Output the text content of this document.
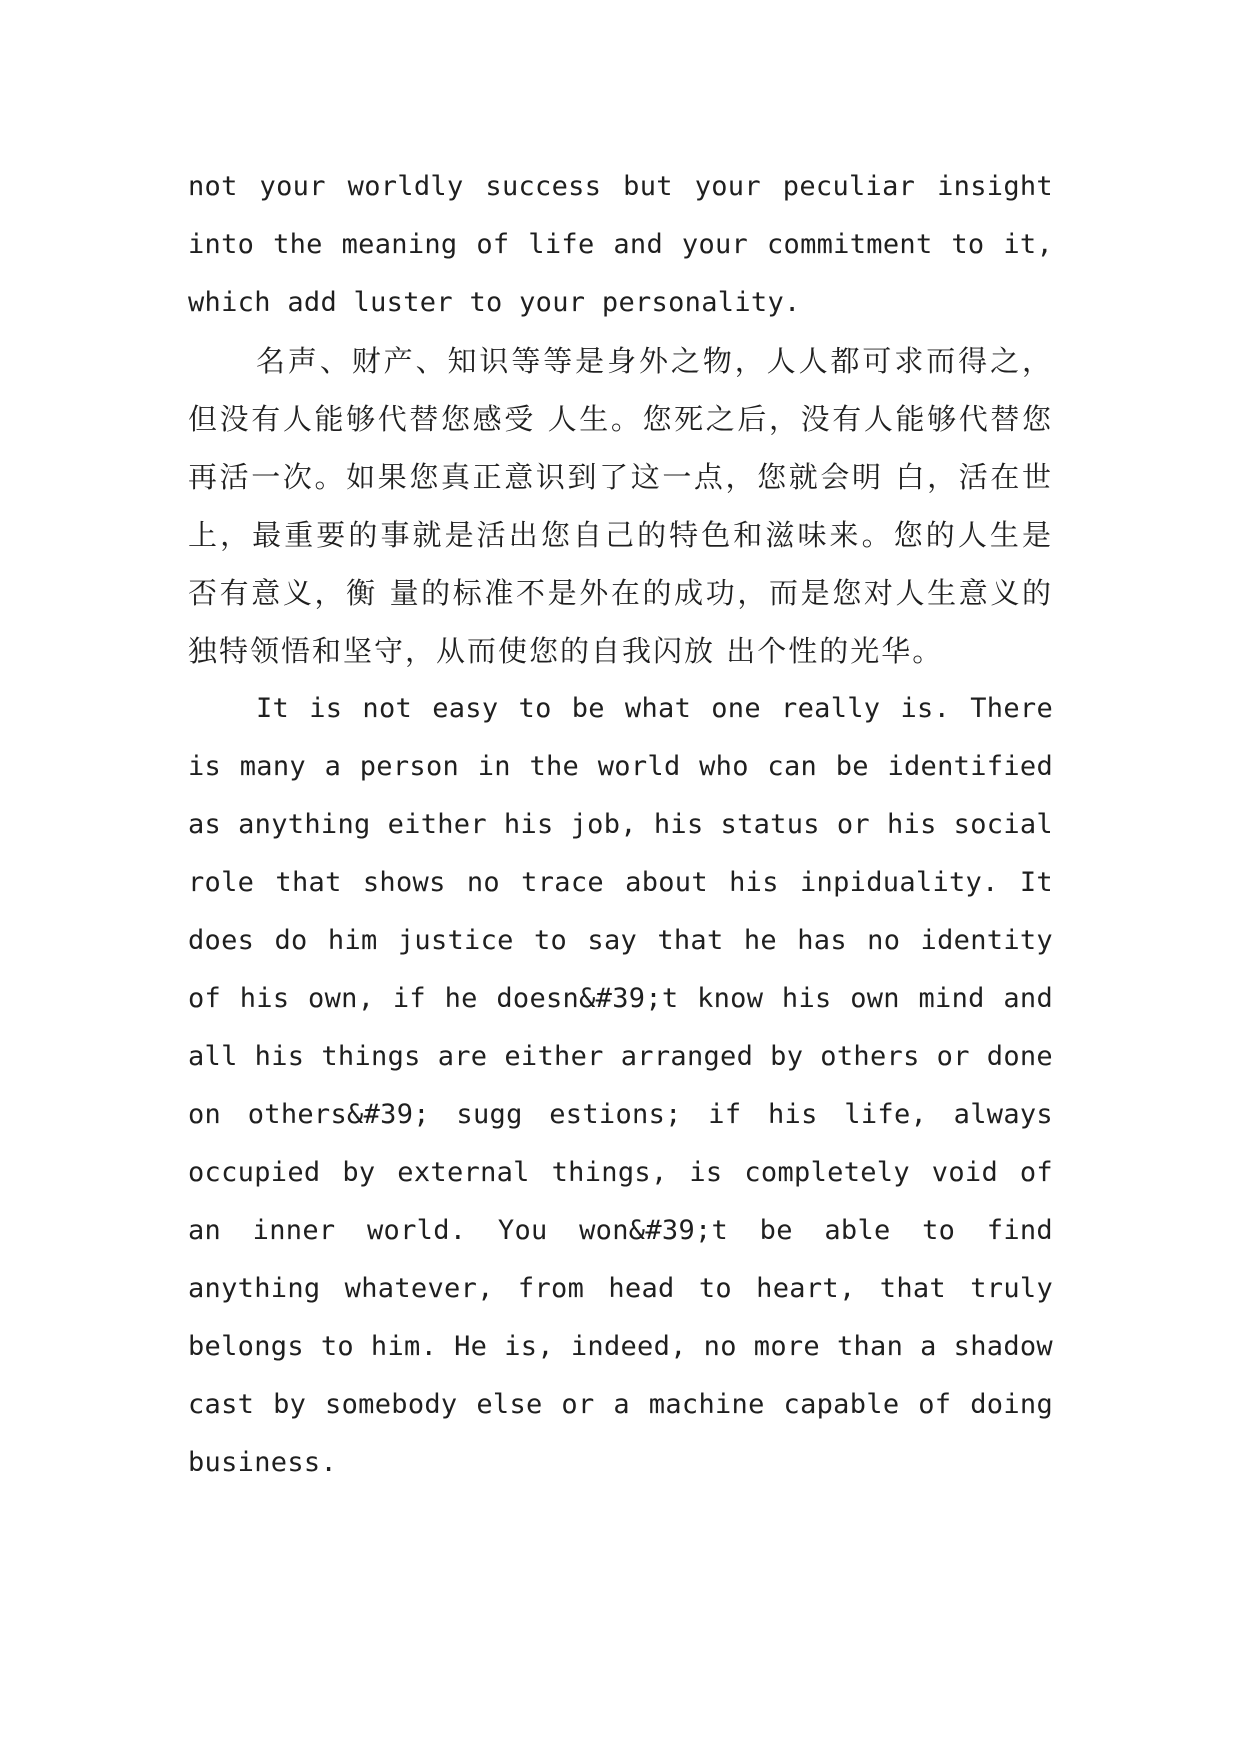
not your worldly success but your peculiar insight into the meaning of life and your commitment to it, which add luster to your personality.

名声、财产、知识等等是身外之物，人人都可求而得之，但没有人能够代替您感受 人生。您死之后，没有人能够代替您再活一次。如果您真正意识到了这一点，您就会明 白，活在世上，最重要的事就是活出您自己的特色和滋味来。您的人生是否有意义，衡 量的标准不是外在的成功，而是您对人生意义的独特领悟和坚守，从而使您的自我闪放 出个性的光华。

It is not easy to be what one really is. There is many a person in the world who can be identified as anything either his job, his status or his social role that shows no trace about his inpiduality. It does do him justice to say that he has no identity of his own, if he doesn&#39;t know his own mind and all his things are either arranged by others or done on others&#39; sugg estions; if his life, always occupied by external things, is completely void of an inner world. You won&#39;t be able to find anything whatever, from head to heart, that truly belongs to him. He is, indeed, no more than a shadow cast by somebody else or a machine capable of doing business.
